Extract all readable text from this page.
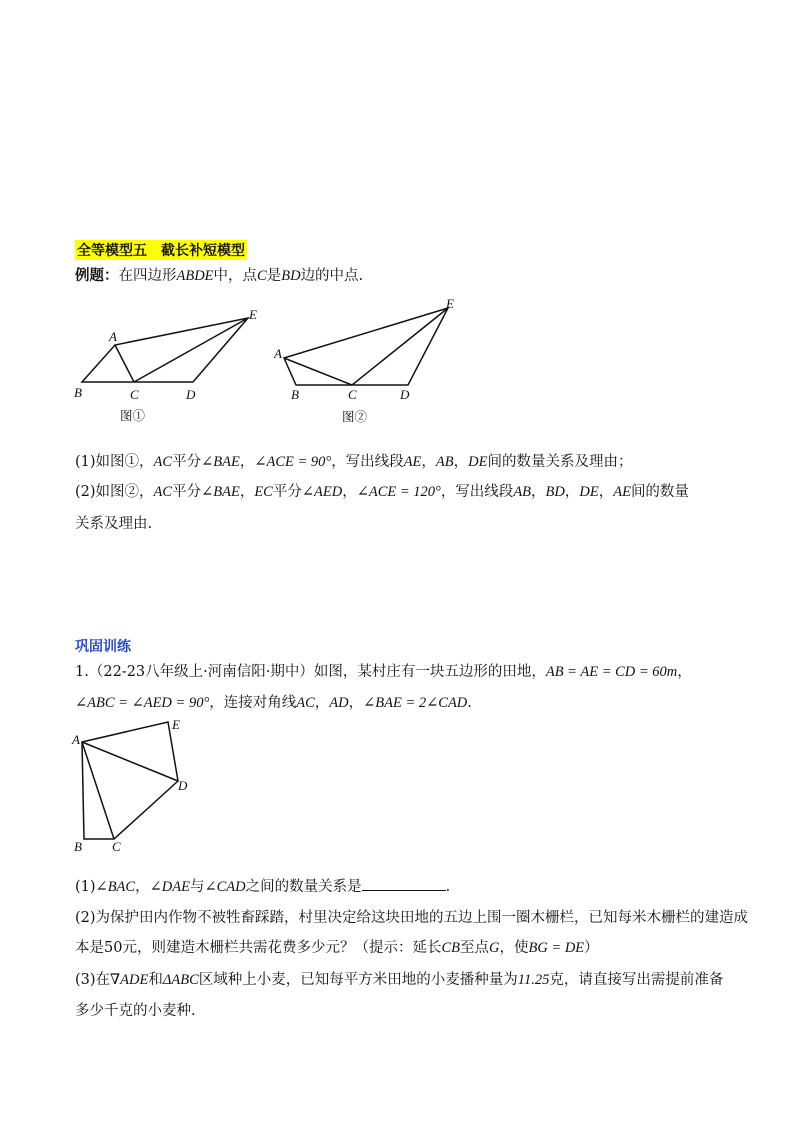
全等模型五　截长补短模型
例题：在四边形ABDE中，点C是BD边的中点.
A
E
B	C	D
图①
A
E
B	C	D
图②
(1)如图①，AC平分∠BAE，∠ACE = 90°，写出线段AE，AB，DE间的数量关系及理由；
(2)如图②，AC平分∠BAE，EC平分∠AED，∠ACE = 120°，写出线段AB，BD，DE，AE间的数量
关系及理由.
巩固训练
1.（22-23八年级上·河南信阳·期中）如图，某村庄有一块五边形的田地，AB = AE = CD = 60m，
∠ABC = ∠AED = 90°，连接对角线AC，AD，∠BAE = 2∠CAD.
A
E
D
B C
(1)∠BAC，∠DAE与∠CAD之间的数量关系是	.
(2)为保护田内作物不被牲畜踩踏，村里决定给这块田地的五边上围一圈木栅栏，已知每米木栅栏的建造成
本是50元，则建造木栅栏共需花费多少元？（提示：延长CB至点G，使BG = DE）
(3)在∇ADE和ΔABC区域种上小麦，已知每平方米田地的小麦播种量为11.25克，请直接写出需提前准备
多少千克的小麦种.
